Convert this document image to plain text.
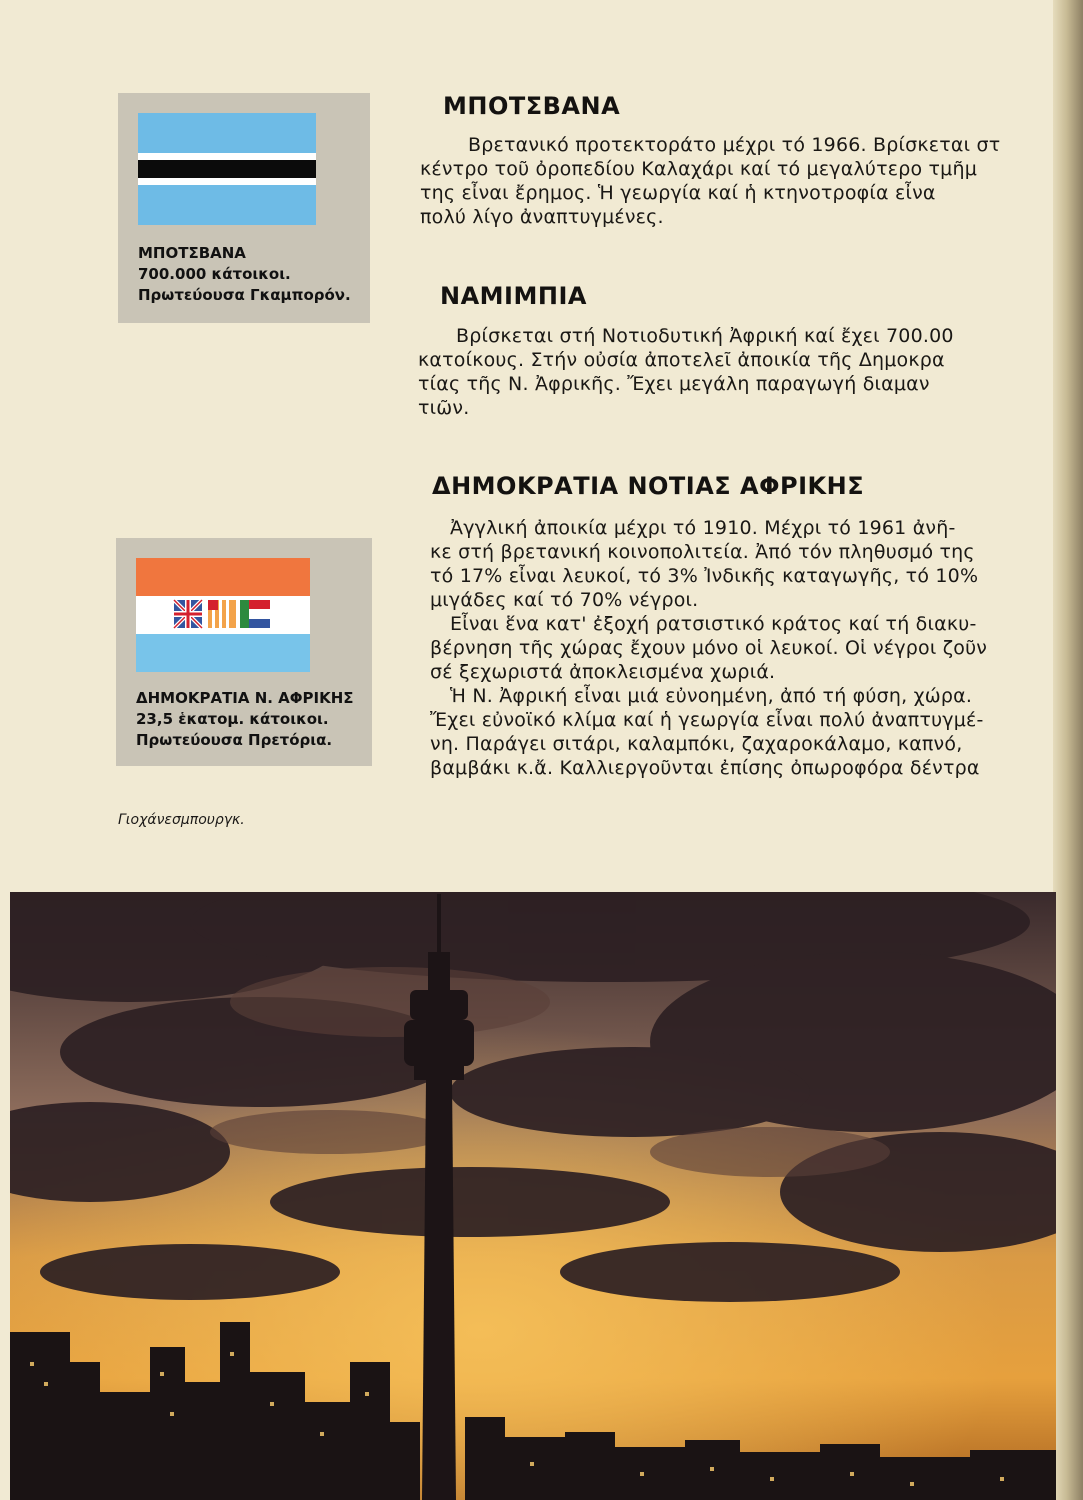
ΜΠΟΤΣΒΑΝΑ
700.000 κάτοικοι.
Πρωτεύουσα Γκαμπορόν.
ΔΗΜΟΚΡΑΤΙΑ Ν. ΑΦΡΙΚΗΣ
23,5 ἑκατομ. κάτοικοι.
Πρωτεύουσα Πρετόρια.
Γιοχάνεσμπουργκ.
ΜΠΟΤΣΒΑΝΑ
Βρετανικό προτεκτοράτο μέχρι τό 1966. Βρίσκεται στ
κέντρο τοῦ ὀροπεδίου Καλαχάρι καί τό μεγαλύτερο τμῆμ
της εἶναι ἔρημος. Ἡ γεωργία καί ἡ κτηνοτροφία εἶνα
πολύ λίγο ἀναπτυγμένες.
ΝΑΜΙΜΠΙΑ
Βρίσκεται στή Νοτιοδυτική Ἀφρική καί ἔχει 700.00
κατοίκους. Στήν οὐσία ἀποτελεῖ ἀποικία τῆς Δημοκρα
τίας τῆς Ν. Ἀφρικῆς. Ἔχει μεγάλη παραγωγή διαμαν
τιῶν.
ΔΗΜΟΚΡΑΤΙΑ ΝΟΤΙΑΣ ΑΦΡΙΚΗΣ
Ἀγγλική ἀποικία μέχρι τό 1910. Μέχρι τό 1961 ἀνῆ-
κε στή βρετανική κοινοπολιτεία. Ἀπό τόν πληθυσμό της
τό 17% εἶναι λευκοί, τό 3% Ἰνδικῆς καταγωγῆς, τό 10%
μιγάδες καί τό 70% νέγροι.
Εἶναι ἕνα κατ' ἐξοχή ρατσιστικό κράτος καί τή διακυ-
βέρνηση τῆς χώρας ἔχουν μόνο οἱ λευκοί. Οἱ νέγροι ζοῦν
σέ ξεχωριστά ἀποκλεισμένα χωριά.
Ἡ Ν. Ἀφρική εἶναι μιά εὐνοημένη, ἀπό τή φύση, χώρα.
Ἔχει εὐνοϊκό κλίμα καί ἡ γεωργία εἶναι πολύ ἀναπτυγμέ-
νη. Παράγει σιτάρι, καλαμπόκι, ζαχαροκάλαμο, καπνό,
βαμβάκι κ.ἄ. Καλλιεργοῦνται ἐπίσης ὀπωροφόρα δέντρα
